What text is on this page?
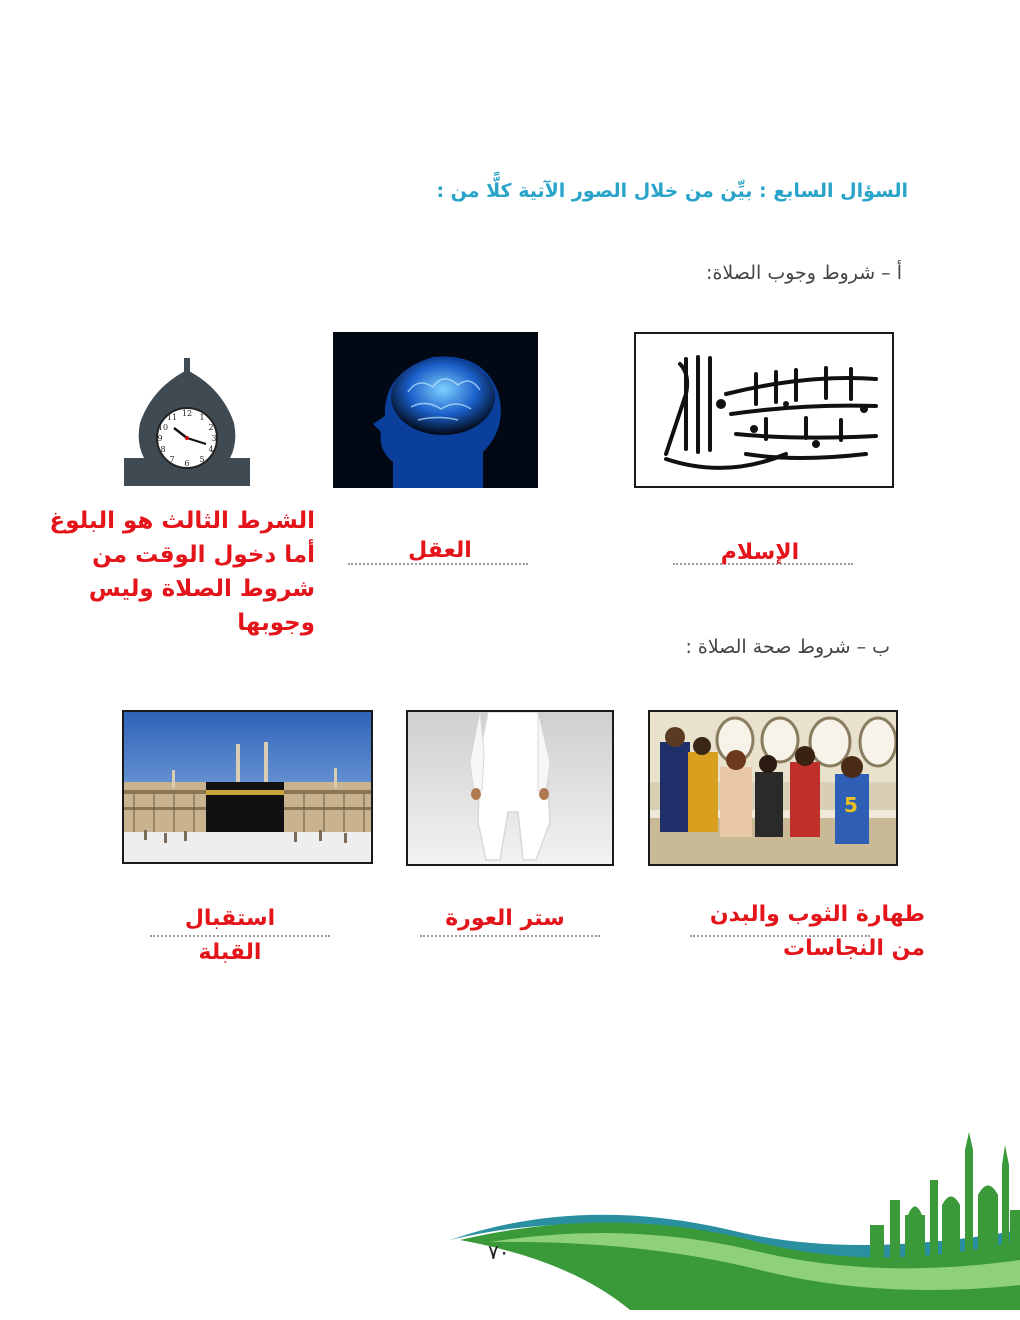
السؤال السابع : بيِّن من خلال الصور الآتية كلًّا من :
أ – شروط وجوب الصلاة:
12 1
2
3
4
5
6
7
8
9
10
11
الإسلام
العقل
الشرط الثالث هو البلوغ أما دخول الوقت من شروط الصلاة وليس وجوبها
ب – شروط صحة الصلاة :
5
طهارة الثوب والبدن
من النجاسات
ستر العورة
استقبال القبلة
٧٠
